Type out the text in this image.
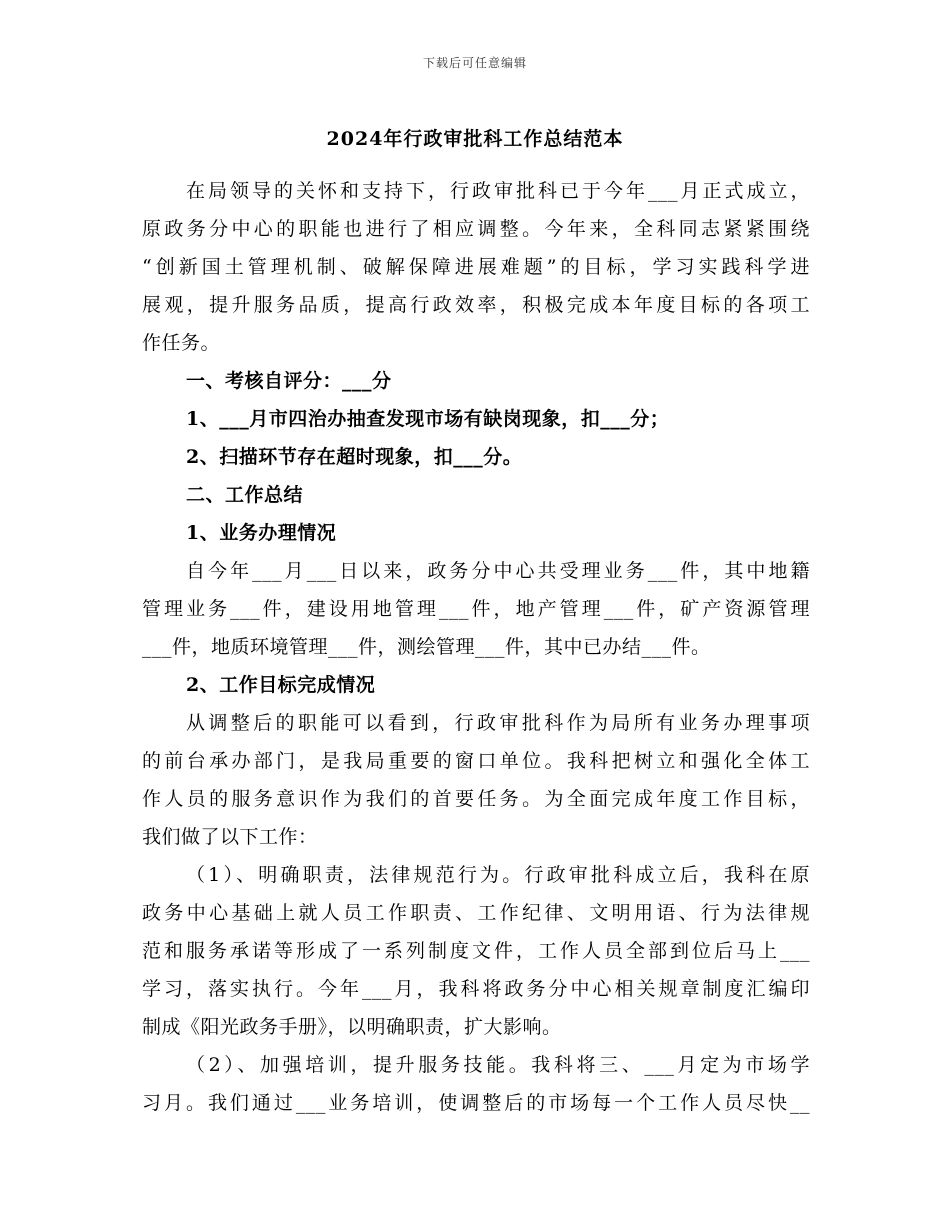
下载后可任意编辑
2024年行政审批科工作总结范本
在局领导的关怀和支持下，行政审批科已于今年___月正式成立，
原政务分中心的职能也进行了相应调整。今年来，全科同志紧紧围绕
“创新国土管理机制、破解保障进展难题”的目标，学习实践科学进
展观，提升服务品质，提高行政效率，积极完成本年度目标的各项工
作任务。
一、考核自评分：___分
1、___月市四治办抽查发现市场有缺岗现象，扣___分；
2、扫描环节存在超时现象，扣___分。
二、工作总结
1、业务办理情况
自今年___月___日以来，政务分中心共受理业务___件，其中地籍
管理业务___件，建设用地管理___件，地产管理___件，矿产资源管理
___件，地质环境管理___件，测绘管理___件，其中已办结___件。
2、工作目标完成情况
从调整后的职能可以看到，行政审批科作为局所有业务办理事项
的前台承办部门，是我局重要的窗口单位。我科把树立和强化全体工
作人员的服务意识作为我们的首要任务。为全面完成年度工作目标，
我们做了以下工作：
（1）、明确职责，法律规范行为。行政审批科成立后，我科在原
政务中心基础上就人员工作职责、工作纪律、文明用语、行为法律规
范和服务承诺等形成了一系列制度文件，工作人员全部到位后马上___
学习，落实执行。今年___月，我科将政务分中心相关规章制度汇编印
制成《阳光政务手册》，以明确职责，扩大影响。
（2）、加强培训，提升服务技能。我科将三、___月定为市场学
习月。我们通过___业务培训，使调整后的市场每一个工作人员尽快__
